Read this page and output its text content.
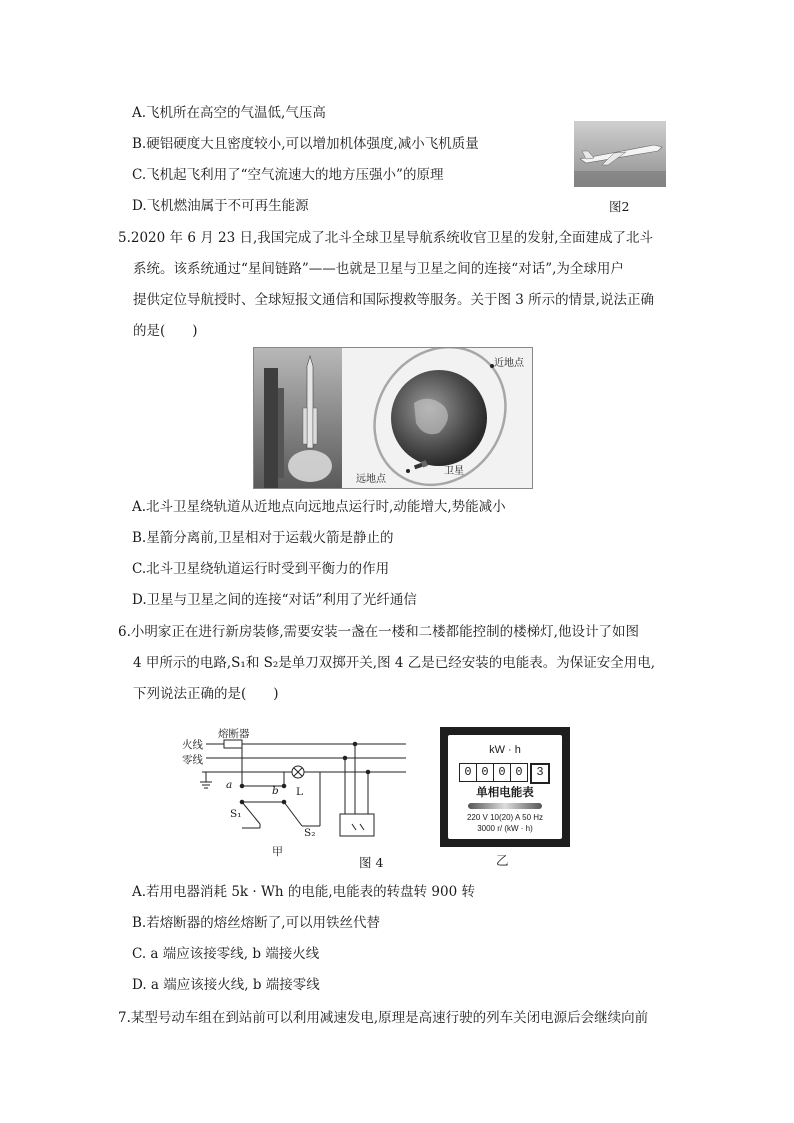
A.飞机所在高空的气温低,气压高
B.硬铝硬度大且密度较小,可以增加机体强度,减小飞机质量
C.飞机起飞利用了“空气流速大的地方压强小”的原理
D.飞机燃油属于不可再生能源	图2
5.2020 年 6 月 23 日,我国完成了北斗全球卫星导航系统收官卫星的发射,全面建成了北斗
系统。该系统通过“星间链路”——也就是卫星与卫星之间的连接“对话”,为全球用户
提供定位导航授时、全球短报文通信和国际搜救等服务。关于图 3 所示的情景,说法正确
的是(　　)
近地点
远地点
卫星
A.北斗卫星绕轨道从近地点向远地点运行时,动能增大,势能减小
B.星箭分离前,卫星相对于运载火箭是静止的
C.北斗卫星绕轨道运行时受到平衡力的作用
D.卫星与卫星之间的连接“对话”利用了光纤通信
6.小明家正在进行新房装修,需要安装一盏在一楼和二楼都能控制的楼梯灯,他设计了如图
4 甲所示的电路,S₁和 S₂是单刀双掷开关,图 4 乙是已经安装的电能表。为保证安全用电,
下列说法正确的是(　　)
熔断器
火线
零线
a	b L
S₁
S₂
甲
图 4
kW · h
0 0 0 0	3
单相电能表
220 V 10(20) A 50 Hz
3000 r/ (kW · h)
乙
A.若用电器消耗 5k · Wh 的电能,电能表的转盘转 900 转
B.若熔断器的熔丝熔断了,可以用铁丝代替
C. a 端应该接零线, b 端接火线
D. a 端应该接火线, b 端接零线
7.某型号动车组在到站前可以利用减速发电,原理是高速行驶的列车关闭电源后会继续向前
